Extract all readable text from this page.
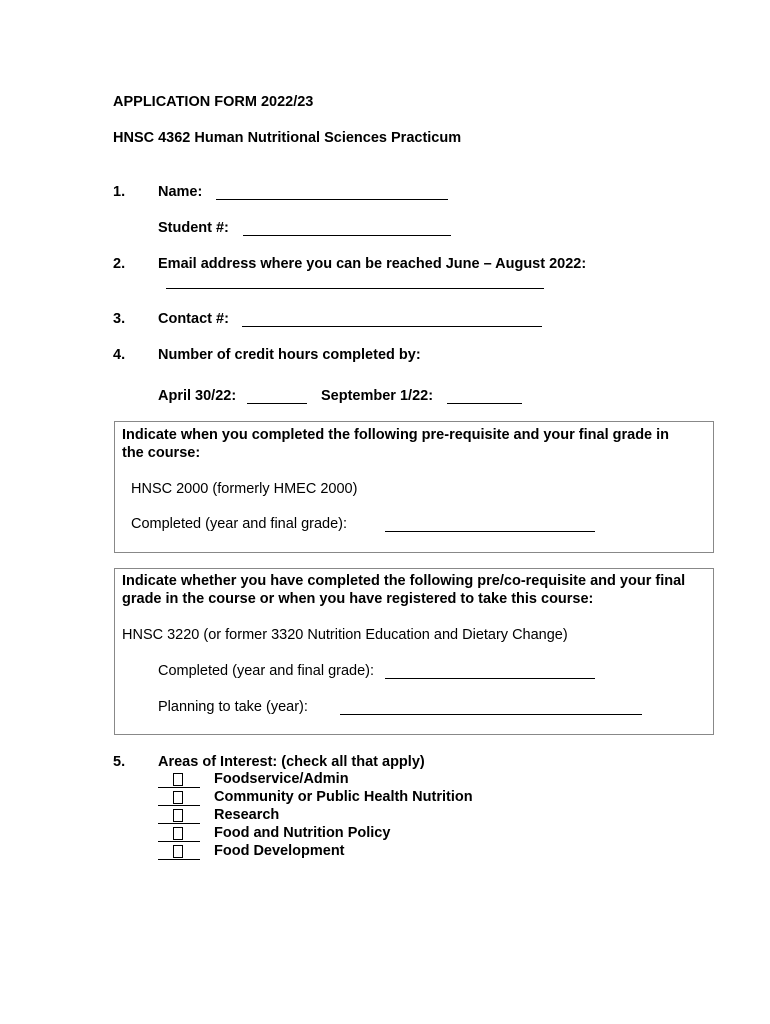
APPLICATION FORM 2022/23
HNSC 4362 Human Nutritional Sciences Practicum
1. Name:
Student #:
2. Email address where you can be reached June – August 2022:
3. Contact #:
4. Number of credit hours completed by:
April 30/22:	September 1/22:
Indicate when you completed the following pre-requisite and your final grade in
the course:
HNSC 2000 (formerly HMEC 2000)
Completed (year and final grade):
Indicate whether you have completed the following pre/co-requisite and your final
grade in the course or when you have registered to take this course:
HNSC 3220 (or former 3320 Nutrition Education and Dietary Change)
Completed (year and final grade):
Planning to take (year):
5. Areas of Interest: (check all that apply)
Foodservice/Admin
Community or Public Health Nutrition
Research
Food and Nutrition Policy
Food Development
